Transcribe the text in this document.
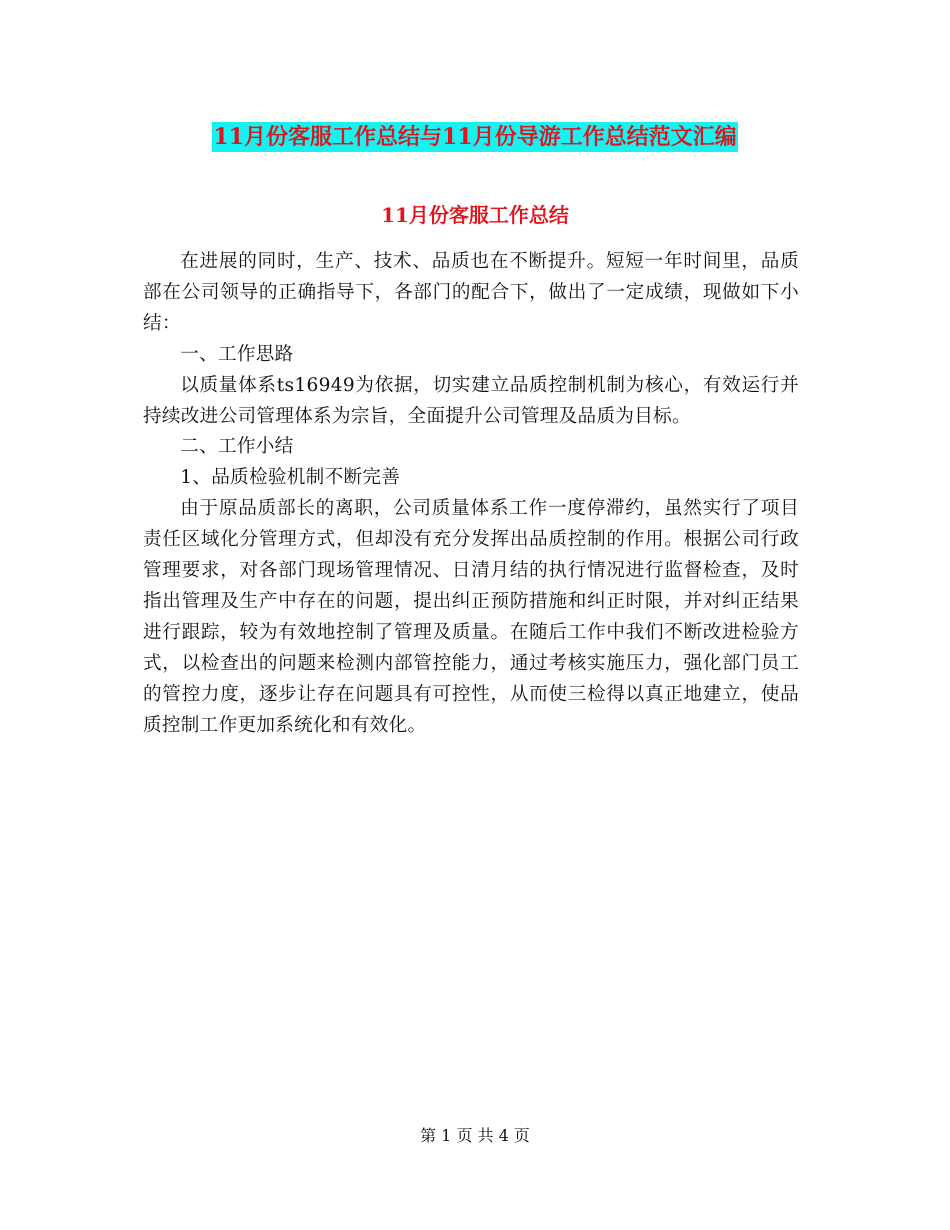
11月份客服工作总结与11月份导游工作总结范文汇编
11月份客服工作总结

在进展的同时，生产、技术、品质也在不断提升。短短一年时间里，品质部在公司领导的正确指导下，各部门的配合下，做出了一定成绩，现做如下小结：

一、工作思路

以质量体系ts16949为依据，切实建立品质控制机制为核心，有效运行并持续改进公司管理体系为宗旨，全面提升公司管理及品质为目标。

二、工作小结

1、品质检验机制不断完善

由于原品质部长的离职，公司质量体系工作一度停滞约，虽然实行了项目责任区域化分管理方式，但却没有充分发挥出品质控制的作用。根据公司行政管理要求，对各部门现场管理情况、日清月结的执行情况进行监督检查，及时指出管理及生产中存在的问题，提出纠正预防措施和纠正时限，并对纠正结果进行跟踪，较为有效地控制了管理及质量。在随后工作中我们不断改进检验方式，以检查出的问题来检测内部管控能力，通过考核实施压力，强化部门员工的管控力度，逐步让存在问题具有可控性，从而使三检得以真正地建立，使品质控制工作更加系统化和有效化。

第 1 页 共 4 页
